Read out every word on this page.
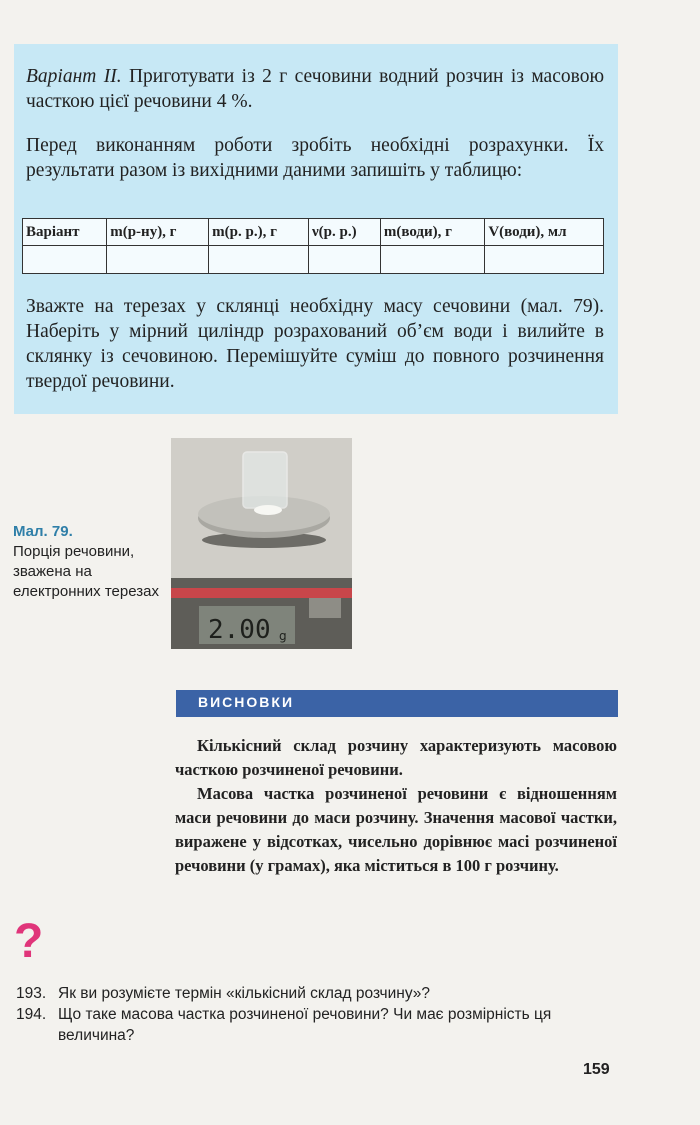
Варіант II. Приготувати із 2 г сечовини водний розчин із масовою часткою цієї речовини 4 %.

Перед виконанням роботи зробіть необхідні розрахунки. Їх результати разом із вихідними даними запишіть у таблицю:

Варіант	m(р-ну), г	m(р. р.), г	ν(р. р.)	m(води), г	V(води), мл

Зважте на терезах у склянці необхідну масу сечовини (мал. 79). Наберіть у мірний циліндр розрахований об’єм води і вилийте в склянку із сечовиною. Перемішуйте суміш до повного розчинення твердої речовини.

2.00 g
Мал. 79.
Порція речовини, зважена на електронних терезах
ВИСНОВКИ

Кількісний склад розчину характеризують масовою часткою розчиненої речовини.

Масова частка розчиненої речовини є відношенням маси речовини до маси розчину. Значення масової частки, виражене у відсотках, чисельно дорівнює масі розчиненої речовини (у грамах), яка міститься в 100 г розчину.

?
193. Як ви розумієте термін «кількісний склад розчину»?
194. Що таке масова частка розчиненої речовини? Чи має розмірність ця величина?
159
